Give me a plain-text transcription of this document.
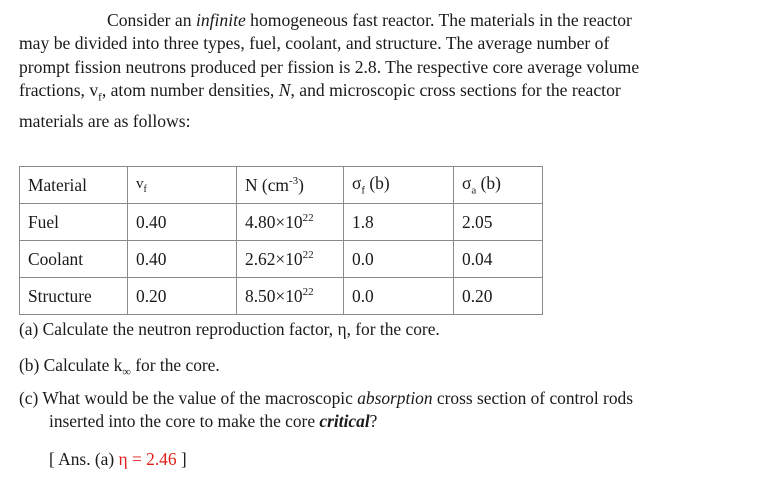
Consider an infinite homogeneous fast reactor. The materials in the reactor
may be divided into three types, fuel, coolant, and structure. The average number of
prompt fission neutrons produced per fission is 2.8. The respective core average volume
fractions, $v_f$, atom number densities, N, and microscopic cross sections for the reactor
materials are as follows:
Material	$v_f$	N $(cm^{-3})$	$\sigma_f$ (b)	$\sigma_a$ (b)
Fuel	0.40	$4.80\times 10^{22}$	1.8	2.05
Coolant	0.40	$2.62\times 10^{22}$	0.0	0.04
Structure	0.20	$8.50\times 10^{22}$	0.0	0.20
(a) Calculate the neutron reproduction factor, η, for the core.
(b) Calculate $k_\infty$ for the core.
(c) What would be the value of the macroscopic absorption cross section of control rods
inserted into the core to make the core critical?
[ Ans. (a) η = 2.46 ]
